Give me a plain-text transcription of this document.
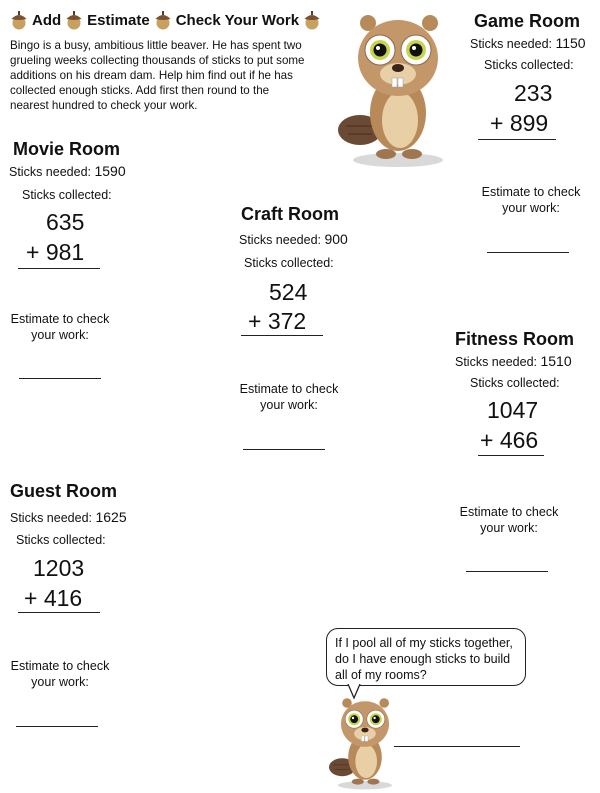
Add Estimate Check Your Work
Bingo is a busy, ambitious little beaver. He has spent two grueling weeks collecting thousands of sticks to put some additions on his dream dam. Help him find out if he has collected enough sticks. Add first then round to the nearest hundred to check your work.
Game Room
Sticks needed: 1150
Sticks collected:
233
+ 899
Estimate to check your work:
Movie Room
Sticks needed: 1590
Sticks collected:
635
+ 981
Estimate to check your work:
Craft Room
Sticks needed: 900
Sticks collected:
524
+ 372
Estimate to check your work:
Fitness Room
Sticks needed: 1510
Sticks collected:
1047
+ 466
Estimate to check your work:
Guest Room
Sticks needed: 1625
Sticks collected:
1203
+ 416
Estimate to check your work:
If I pool all of my sticks together, do I have enough sticks to build all of my rooms?
